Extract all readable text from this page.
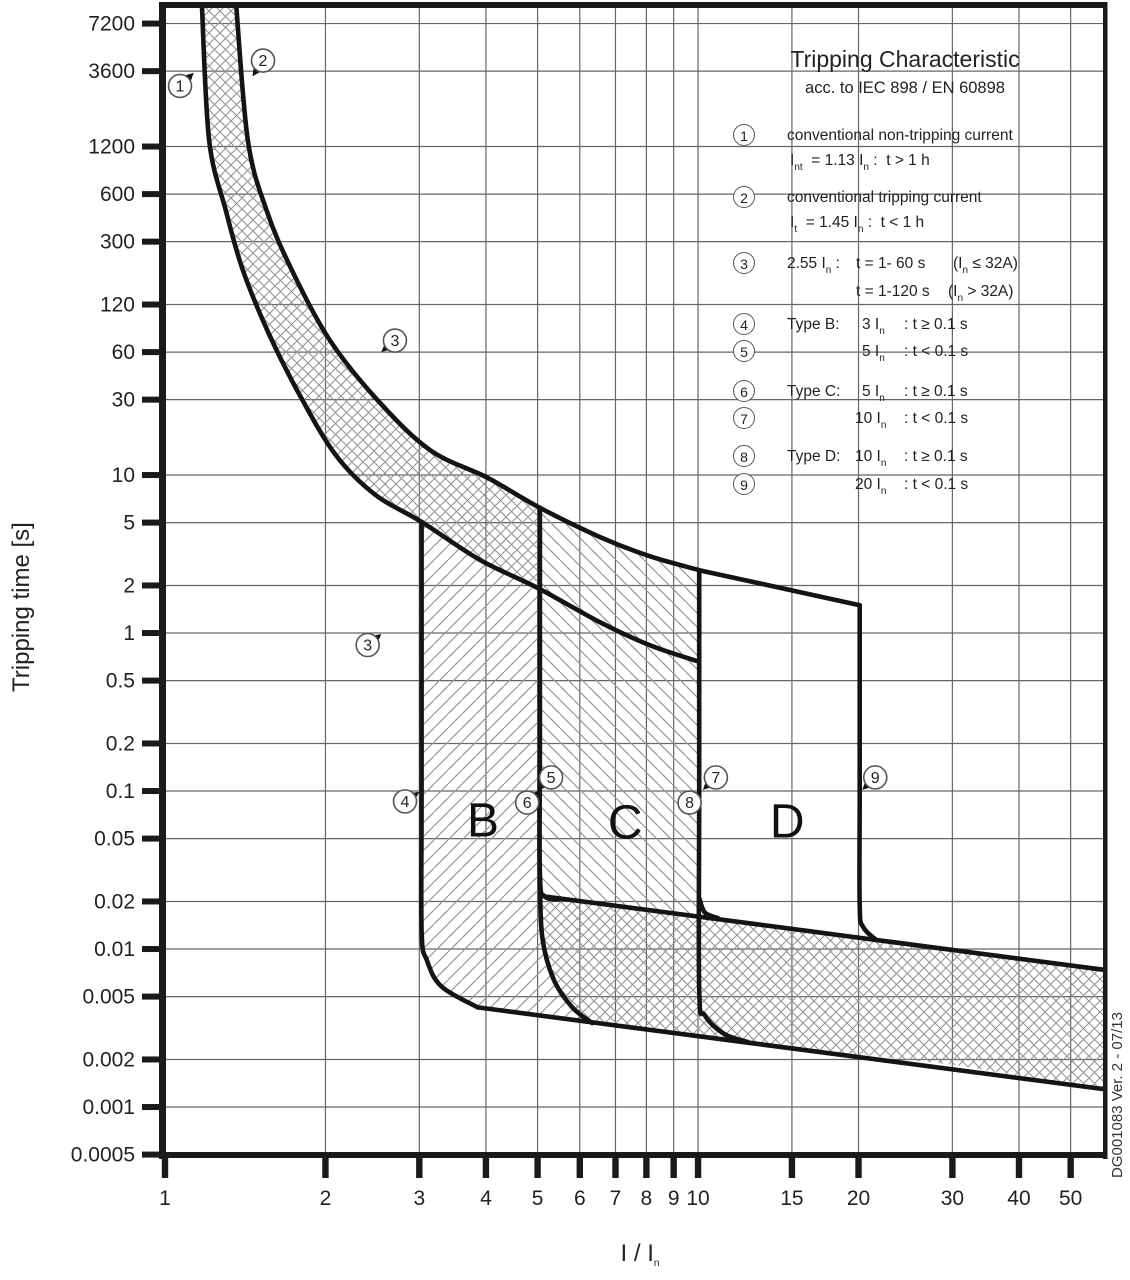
7200
3600
1200
600
300
120
60
30
10
5
2
1
0.5
0.2
0.1
0.05
0.02
0.01
0.005
0.002
0.001
0.0005
1	2	3	4 5 6 7 8 9 10	15 20	30 40 50
B C	D
1
2
3
3
4
5
6
7
8
9
Tripping Characteristic
acc. to IEC 898 / EN 60898
1	conventional non-tripping current
$I_{nt} = 1.13$ $I_n$ :  t > 1 h
2	conventional tripping current
$I_t = 1.45$ $I_n$ :  t < 1 h
3	2.55 $I_n$ : t = 1- 60 s $(I_n \le 32A)$
t = 1-120 s $(I_n > 32A)$
4	Type B: 3 $I_n$ : t ≥ 0.1 s
5	5 $I_n$ : t < 0.1 s
6	Type C: 5 $I_n$ : t ≥ 0.1 s
7	10 $I_n$ : t < 0.1 s
8	Type D: 10 $I_n$ : t ≥ 0.1 s
9	20 $I_n$ : t < 0.1 s
Tripping time [s]
I / $I_n$
DG001083 Ver. 2 - 07/13
